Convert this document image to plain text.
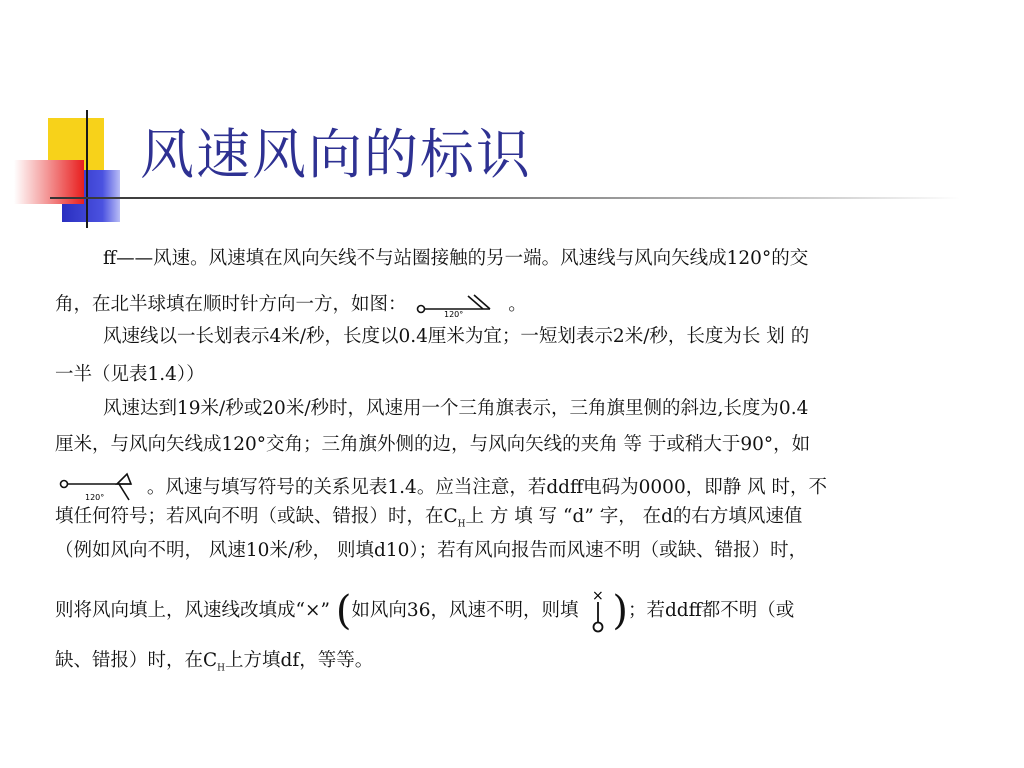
风速风向的标识
ff——风速。风速填在风向矢线不与站圈接触的另一端。风速线与风向矢线成120°的交
角，在北半球填在顺时针方向一方，如图：	120° 。
风速线以一长划表示4米/秒，长度以0.4厘米为宜；一短划表示2米/秒，长度为长 划 的
一半（见表1.4））
风速达到19米/秒或20米/秒时，风速用一个三角旗表示，三角旗里侧的斜边,长度为0.4
厘米，与风向矢线成120°交角；三角旗外侧的边，与风向矢线的夹角 等 于或稍大于90°，如
120° 。风速与填写符号的关系见表1.4。应当注意，若ddff电码为0000，即静 风 时，不
填任何符号；若风向不明（或缺、错报）时，在$C_H$上 方 填 写 “d” 字， 在d的右方填风速值
（例如风向不明， 风速10米/秒， 则填d10）；若有风向报告而风速不明（或缺、错报）时，
则将风向填上，风速线改填成“×” (如风向36，风速不明，则填
× )；若ddff都不明（或
缺、错报）时，在$C_H$上方填df，等等。
